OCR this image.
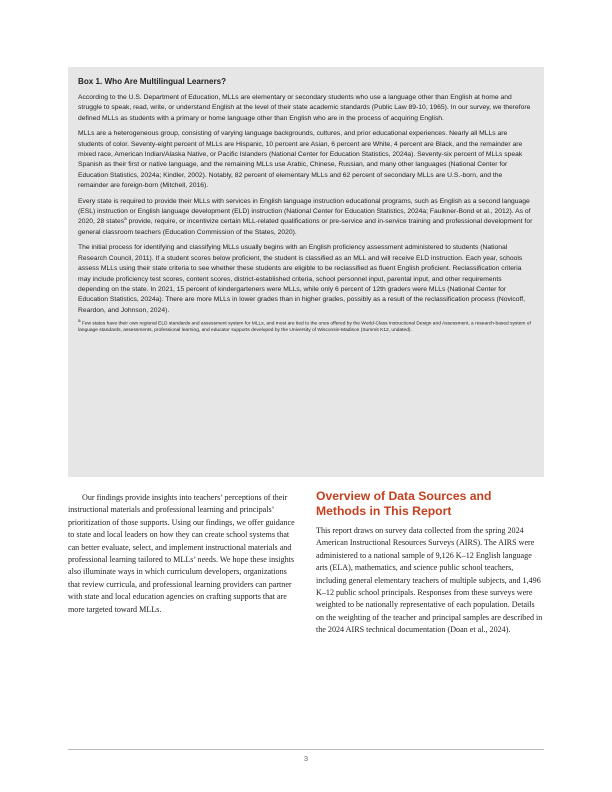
Box 1. Who Are Multilingual Learners?

According to the U.S. Department of Education, MLLs are elementary or secondary students who use a language other than English at home and struggle to speak, read, write, or understand English at the level of their state academic standards (Public Law 89-10, 1965). In our survey, we therefore defined MLLs as students with a primary or home language other than English who are in the process of acquiring English.

MLLs are a heterogeneous group, consisting of varying language backgrounds, cultures, and prior educational experiences. Nearly all MLLs are students of color. Seventy-eight percent of MLLs are Hispanic, 10 percent are Asian, 6 percent are White, 4 percent are Black, and the remainder are mixed race, American Indian/Alaska Native, or Pacific Islanders (National Center for Education Statistics, 2024a). Seventy-six percent of MLLs speak Spanish as their first or native language, and the remaining MLLs use Arabic, Chinese, Russian, and many other languages (National Center for Education Statistics, 2024a; Kindler, 2002). Notably, 82 percent of elementary MLLs and 62 percent of secondary MLLs are U.S.-born, and the remainder are foreign-born (Mitchell, 2016).

Every state is required to provide their MLLs with services in English language instruction educational programs, such as English as a second language (ESL) instruction or English language development (ELD) instruction (National Center for Education Statistics, 2024a; Faulkner-Bond et al., 2012). As of 2020, 28 states$^a$ provide, require, or incentivize certain MLL-related qualifications or pre-service and in-service training and professional development for general classroom teachers (Education Commission of the States, 2020).

The initial process for identifying and classifying MLLs usually begins with an English proficiency assessment administered to students (National Research Council, 2011). If a student scores below proficient, the student is classified as an MLL and will receive ELD instruction. Each year, schools assess MLLs using their state criteria to see whether these students are eligible to be reclassified as fluent English proficient. Reclassification criteria may include proficiency test scores, content scores, district-established criteria, school personnel input, parental input, and other requirements depending on the state. In 2021, 15 percent of kindergarteners were MLLs, while only 6 percent of 12th graders were MLLs (National Center for Education Statistics, 2024a). There are more MLLs in lower grades than in higher grades, possibly as a result of the reclassification process (Novicoff, Reardon, and Johnson, 2024).

$^a$ Few states have their own regional ELD standards and assessment system for MLLs, and most are tied to the ones offered by the World-Class Instructional Design and Assessment, a research-based system of language standards, assessments, professional learning, and educator supports developed by the University of Wisconsin-Madison (Summit K12, undated).

Our findings provide insights into teachers’ perceptions of their instructional materials and professional learning and principals’ prioritization of those supports. Using our findings, we offer guidance to state and local leaders on how they can create school systems that can better evaluate, select, and implement instructional materials and professional learning tailored to MLLs’ needs. We hope these insights also illuminate ways in which curriculum developers, organizations that review curricula, and professional learning providers can partner with state and local education agencies on crafting supports that are more targeted toward MLLs.

Overview of Data Sources and Methods in This Report

This report draws on survey data collected from the spring 2024 American Instructional Resources Surveys (AIRS). The AIRS were administered to a national sample of 9,126 K–12 English language arts (ELA), mathematics, and science public school teachers, including general elementary teachers of multiple subjects, and 1,496 K–12 public school principals. Responses from these surveys were weighted to be nationally representative of each population. Details on the weighting of the teacher and principal samples are described in the 2024 AIRS technical documentation (Doan et al., 2024).

3
